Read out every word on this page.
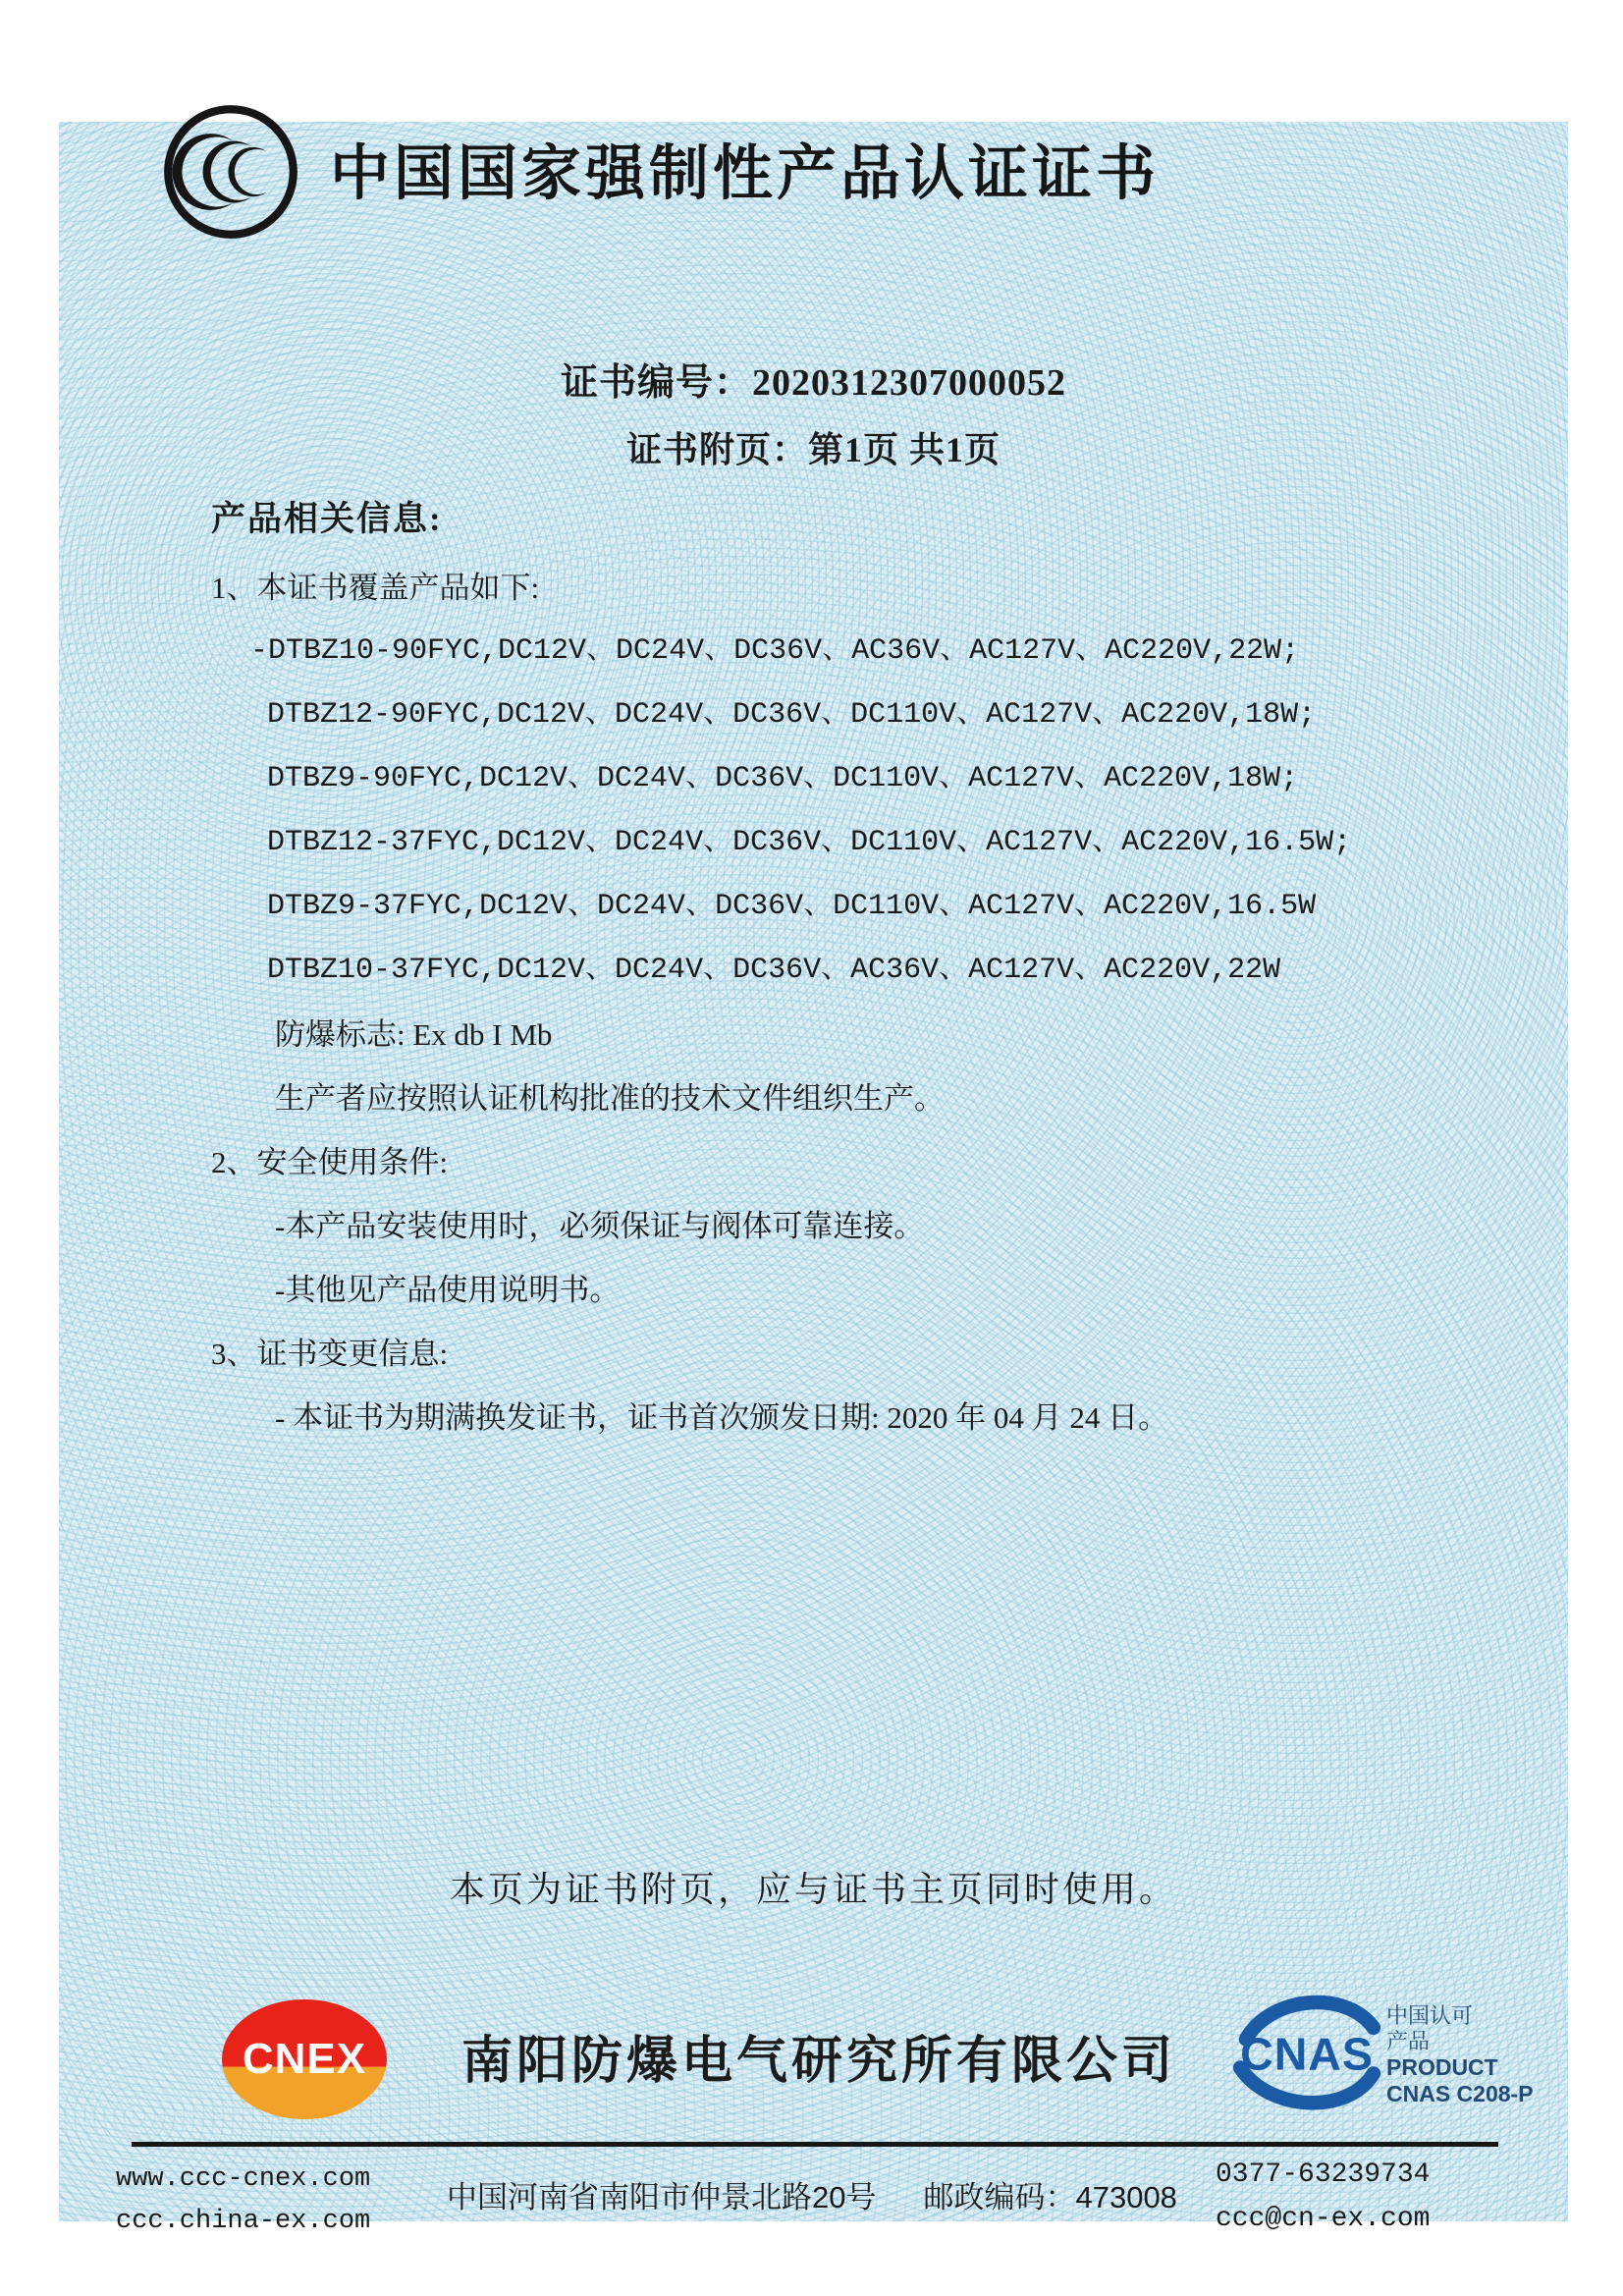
中国国家强制性产品认证证书
证书编号：2020312307000052
证书附页：第1页 共1页
产品相关信息:
1、本证书覆盖产品如下:
-DTBZ10-90FYC,DC12V、DC24V、DC36V、AC36V、AC127V、AC220V,22W;
DTBZ12-90FYC,DC12V、DC24V、DC36V、DC110V、AC127V、AC220V,18W;
DTBZ9-90FYC,DC12V、DC24V、DC36V、DC110V、AC127V、AC220V,18W;
DTBZ12-37FYC,DC12V、DC24V、DC36V、DC110V、AC127V、AC220V,16.5W;
DTBZ9-37FYC,DC12V、DC24V、DC36V、DC110V、AC127V、AC220V,16.5W
DTBZ10-37FYC,DC12V、DC24V、DC36V、AC36V、AC127V、AC220V,22W
防爆标志: Ex db I Mb
生产者应按照认证机构批准的技术文件组织生产。
2、安全使用条件:
-本产品安装使用时，必须保证与阀体可靠连接。
-其他见产品使用说明书。
3、证书变更信息:
- 本证书为期满换发证书，证书首次颁发日期: 2020 年 04 月 24 日。
本页为证书附页，应与证书主页同时使用。
CNEX 南阳防爆电气研究所有限公司 CNAS
中国认可
产品
PRODUCT
CNAS C208-P
www.ccc-cnex.com
ccc.china-ex.com
中国河南省南阳市仲景北路20号 邮政编码：473008
0377-63239734
ccc@cn-ex.com
